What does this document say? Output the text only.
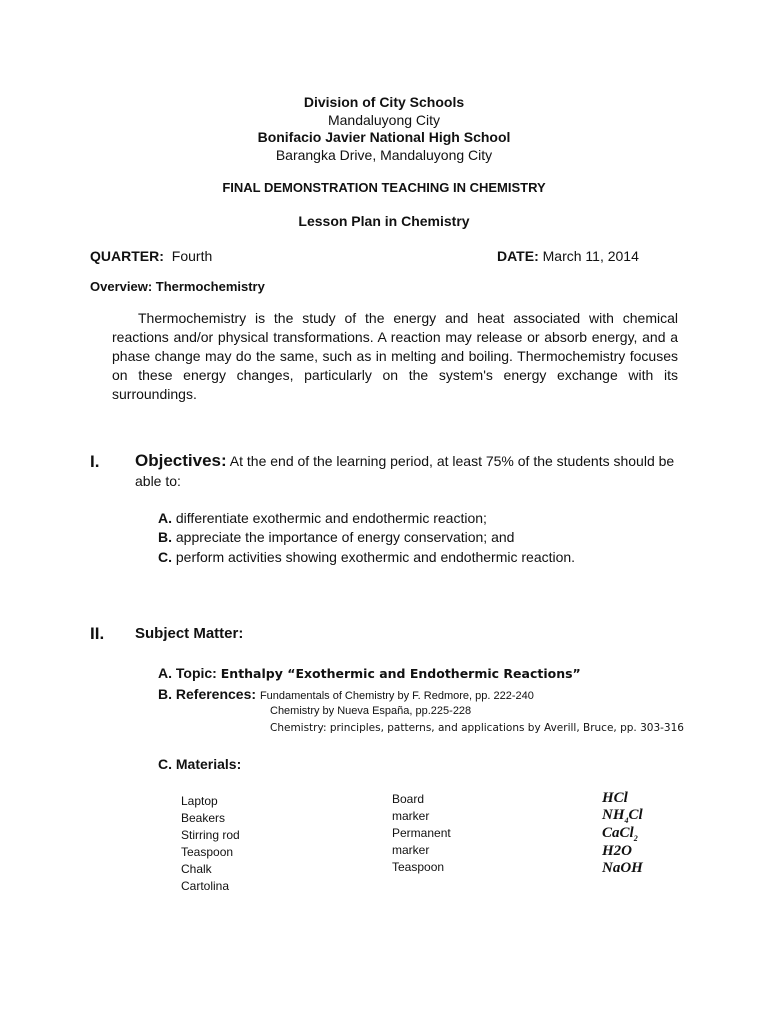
Division of City Schools
Mandaluyong City
Bonifacio Javier National High School
Barangka Drive, Mandaluyong City
FINAL DEMONSTRATION TEACHING IN CHEMISTRY
Lesson Plan in Chemistry
QUARTER: Fourth	DATE: March 11, 2014
Overview: Thermochemistry
Thermochemistry is the study of the energy and heat associated with chemical reactions and/or physical transformations. A reaction may release or absorb energy, and a phase change may do the same, such as in melting and boiling. Thermochemistry focuses on these energy changes, particularly on the system's energy exchange with its surroundings.
I. Objectives: At the end of the learning period, at least 75% of the students should be able to:
A. differentiate exothermic and endothermic reaction;
B. appreciate the importance of energy conservation; and
C. perform activities showing exothermic and endothermic reaction.
II. Subject Matter:
A. Topic: Enthalpy “Exothermic and Endothermic Reactions”
B. References: Fundamentals of Chemistry by F. Redmore, pp. 222-240
Chemistry by Nueva España, pp.225-228
Chemistry: principles, patterns, and applications by Averill, Bruce, pp. 303-316
C. Materials:
Laptop
Beakers
Stirring rod
Teaspoon
Chalk
Cartolina
Board
marker
Permanent
marker
Teaspoon
HCl
$NH_4Cl$
CaCl$_2$
H2O
NaOH
